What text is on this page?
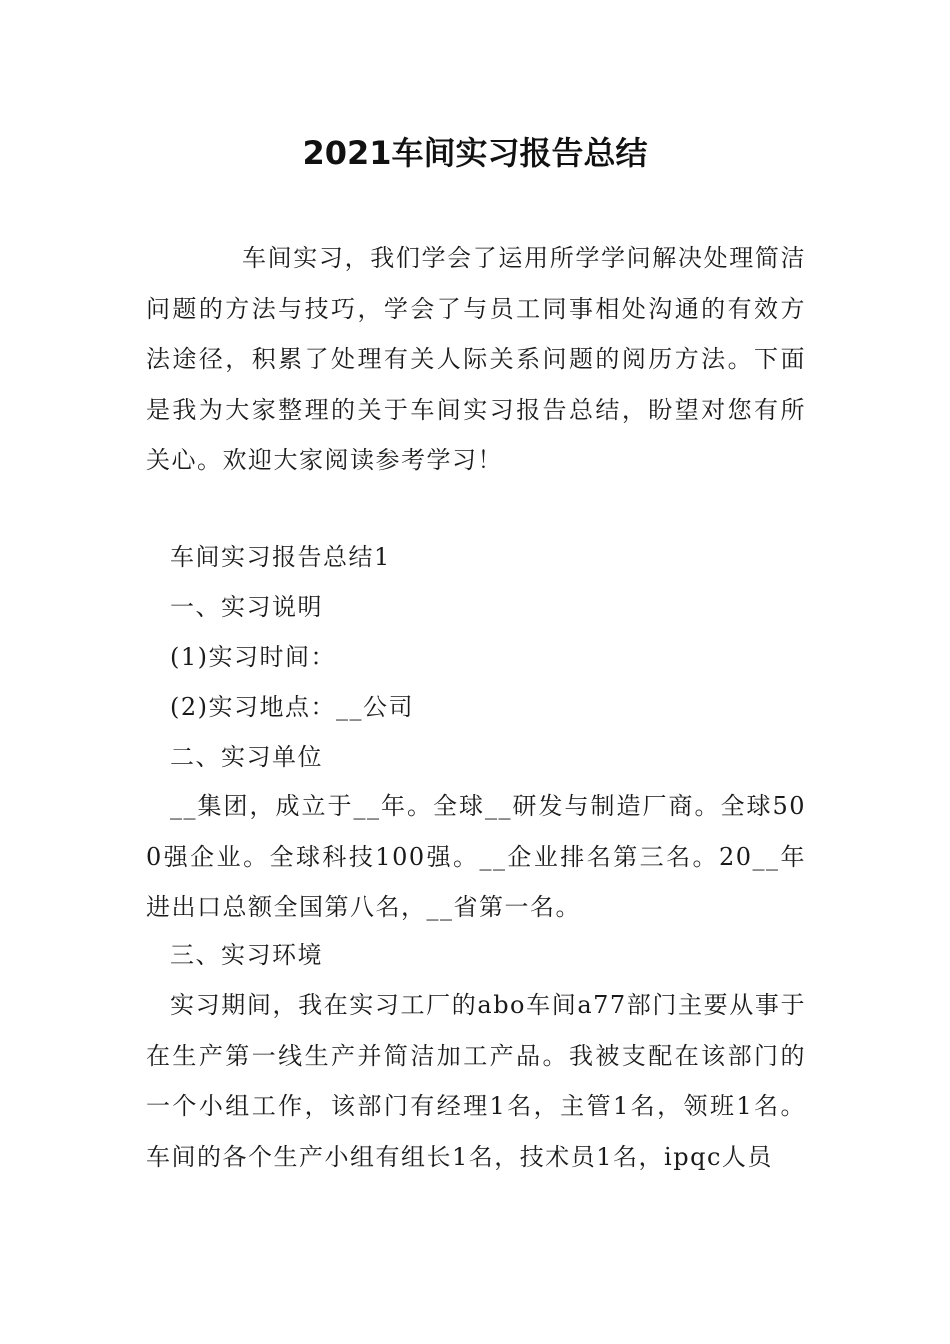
2021车间实习报告总结

车间实习，我们学会了运用所学学问解决处理简洁问题的方法与技巧，学会了与员工同事相处沟通的有效方法途径，积累了处理有关人际关系问题的阅历方法。下面是我为大家整理的关于车间实习报告总结，盼望对您有所关心。欢迎大家阅读参考学习！

车间实习报告总结1

一、实习说明

(1)实习时间：

(2)实习地点：__公司

二、实习单位

__集团，成立于__年。全球__研发与制造厂商。全球500强企业。全球科技100强。__企业排名第三名。20__年进出口总额全国第八名，__省第一名。

三、实习环境

实习期间，我在实习工厂的abo车间a77部门主要从事于在生产第一线生产并简洁加工产品。我被支配在该部门的一个小组工作，该部门有经理1名，主管1名，领班1名。车间的各个生产小组有组长1名，技术员1名，ipqc人员
